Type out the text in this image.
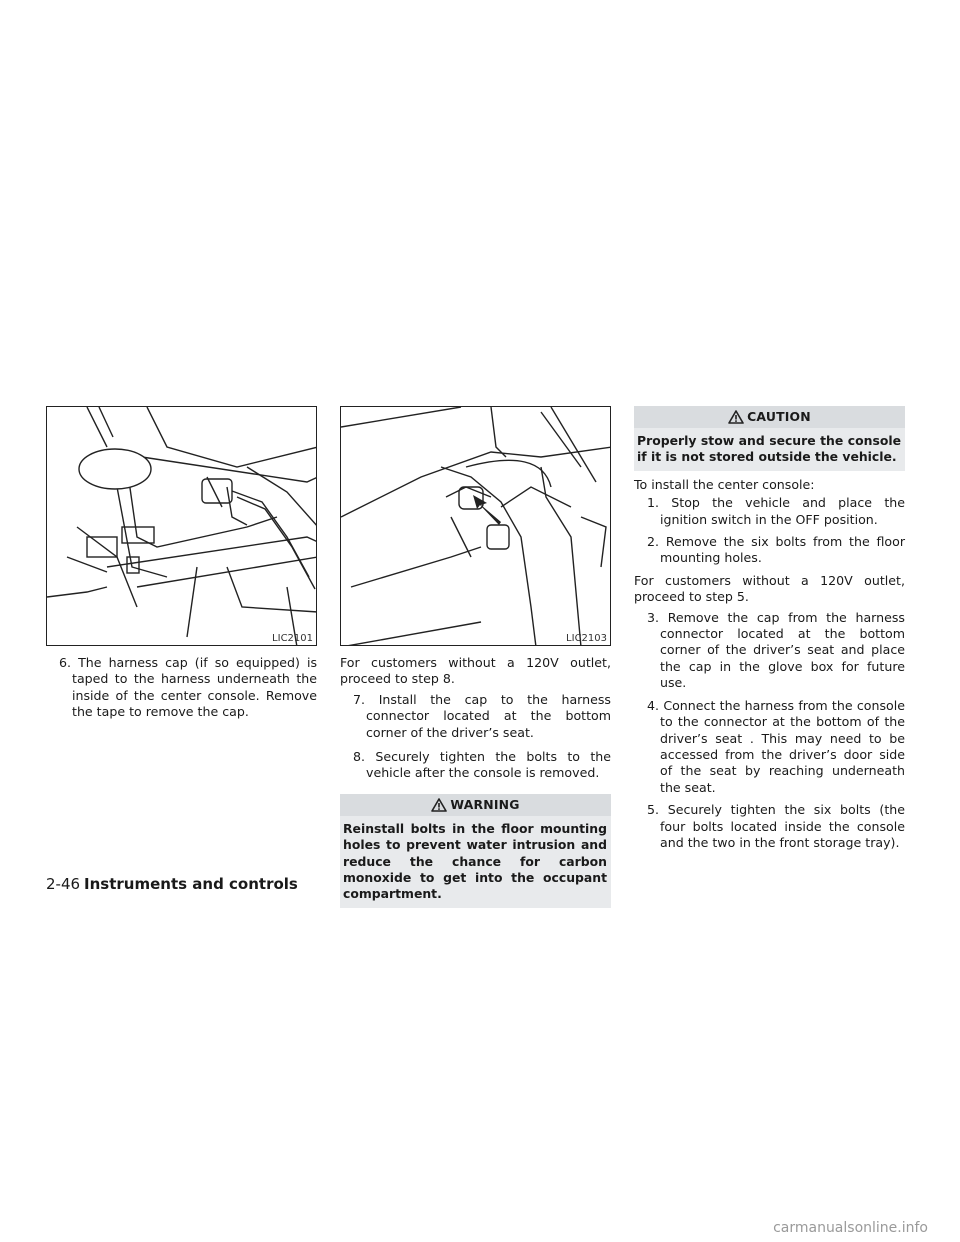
LIC2101	LIC2103

6. The harness cap (if so equipped) is taped to the harness underneath the inside of the center console. Remove the tape to remove the cap.

For customers without a 120V outlet, proceed to step 8.

7. Install the cap to the harness connector located at the bottom corner of the driver’s seat.

8. Securely tighten the bolts to the vehicle after the console is removed.

WARNING
Reinstall bolts in the floor mounting holes to prevent water intrusion and reduce the chance for carbon monoxide to get into the occupant compartment.
CAUTION
Properly stow and secure the console if it is not stored outside the vehicle.

To install the center console:

1. Stop the vehicle and place the ignition switch in the OFF position.

2. Remove the six bolts from the floor mounting holes.

For customers without a 120V outlet, proceed to step 5.

3. Remove the cap from the harness connector located at the bottom corner of the driver’s seat and place the cap in the glove box for future use.

4. Connect the harness from the console to the connector at the bottom of the driver’s seat . This may need to be accessed from the driver’s door side of the seat by reaching underneath the seat.

5. Securely tighten the six bolts (the four bolts located inside the console and the two in the front storage tray).

2-46 Instruments and controls
carmanualsonline.info
